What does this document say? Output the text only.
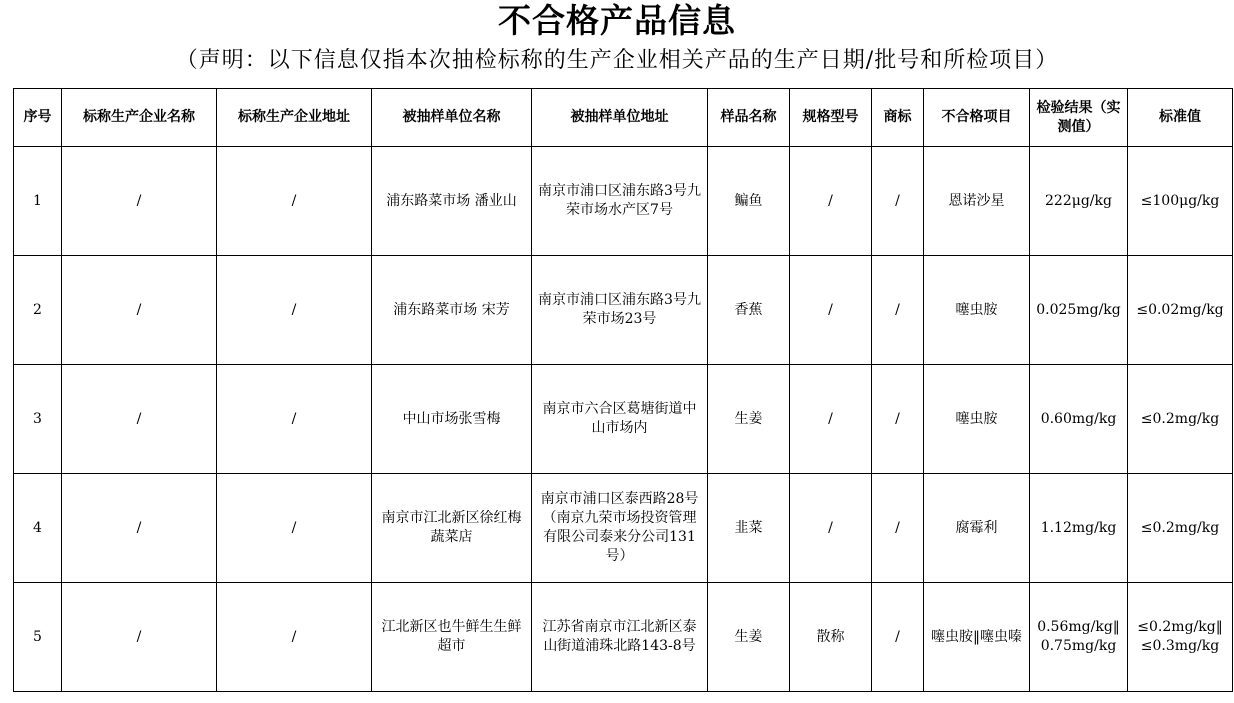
不合格产品信息
（声明：以下信息仅指本次抽检标称的生产企业相关产品的生产日期/批号和所检项目）
序号	标称生产企业名称	标称生产企业地址	被抽样单位名称	被抽样单位地址	样品名称	规格型号	商标	不合格项目	检验结果（实测值）	标准值
1	/	/	浦东路菜市场 潘业山	南京市浦口区浦东路3号九荣市场水产区7号	鳊鱼	/	/	恩诺沙星	222μg/kg	≤100μg/kg
2	/	/	浦东路菜市场 宋芳	南京市浦口区浦东路3号九荣市场23号	香蕉	/	/	噻虫胺	0.025mg/kg	≤0.02mg/kg
3	/	/	中山市场张雪梅	南京市六合区葛塘街道中山市场内	生姜	/	/	噻虫胺	0.60mg/kg	≤0.2mg/kg
4	/	/	南京市江北新区徐红梅蔬菜店	南京市浦口区泰西路28号（南京九荣市场投资管理有限公司泰来分公司131号）	韭菜	/	/	腐霉利	1.12mg/kg	≤0.2mg/kg
5	/	/	江北新区也牛鲜生生鲜超市	江苏省南京市江北新区泰山街道浦珠北路143-8号	生姜	散称	/	噻虫胺‖噻虫嗪	0.56mg/kg‖0.75mg/kg	≤0.2mg/kg‖≤0.3mg/kg
